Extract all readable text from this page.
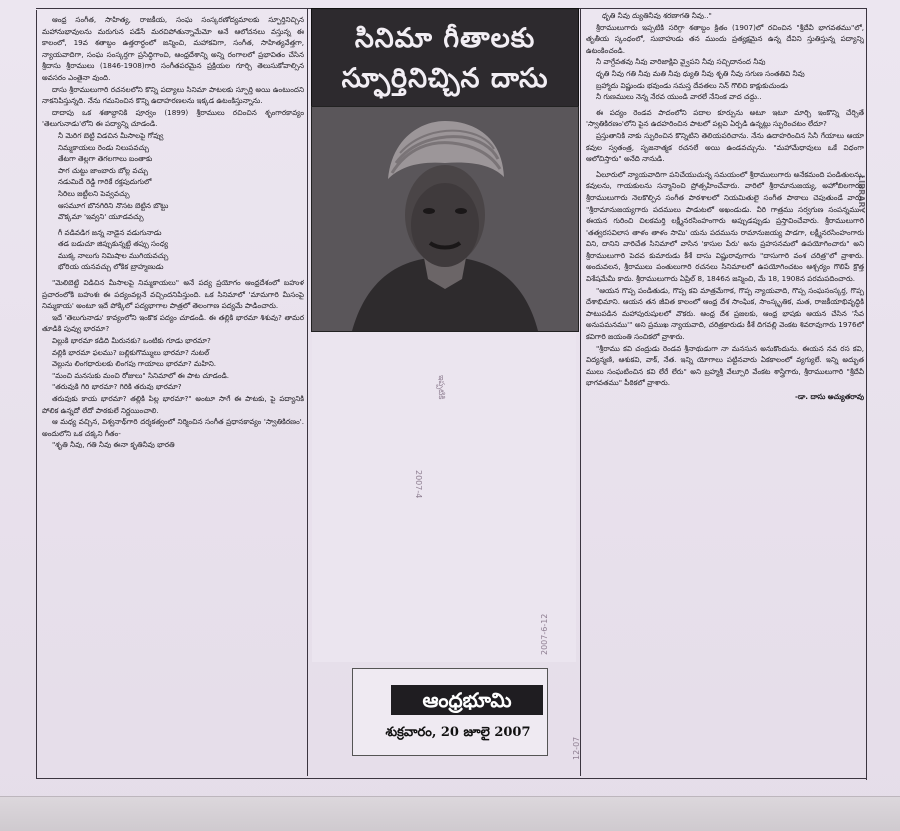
ఆంధ్ర సంగీత, సాహిత్య, రాజకీయ, సంఘ సంస్కరణోద్యమాలకు స్ఫూర్తినిచ్చిన మహానుభావులను మరుగున పడేసే మరచిపోతున్నామేమో అనే ఆలోచనలు వస్తున్న ఈ కాలంలో, 19వ శతాబ్దం ఉత్తరార్థంలో జన్మించి, మహాకవిగా, సంగీత, సాహిత్యవేత్తగా, న్యాయవాదిగా, సంఘ సంస్కర్తగా ప్రసిద్ధిగాంచి, ఆంధ్రదేశాన్ని అన్ని రంగాలలో ప్రభావితం చేసిన శ్రీదాసు శ్రీరాములు (1846-1908)గారి సంగీతపరమైన ప్రక్రియల గూర్చి తెలుసుకోవాల్సిన అవసరం ఎంతైనా వుంది.

దాసు శ్రీరాములుగారి రచనలలోని కొన్ని పద్యాలు సినిమా పాటలకు స్ఫూర్తి అయి ఉంటుందని నాకనిపిస్తున్నది. నేను గమనించిన కొన్ని ఉదాహరణలను ఇక్కడ ఉటంకిస్తున్నాను.

దాదాపు ఒక శతాబ్దానికి పూర్వం (1899) శ్రీరాములు రచించిన శృంగారకావ్యం 'తెలుగునాడు'లోని ఈ పద్యాన్ని చూడండి.

నీ మెరిగ బెట్టి విడచిన మీసాలపై గోవ్వు

నిమ్మకాయలు రెండు నిలుపవచ్చు

తేటగా తెల్లగా తెగలగాలు బంతాకు

పాగ చుట్టు జాంబారు బోల్ల వచ్చు

నడుమిదే రెడ్డి గారికే రక్తపుదుగులో

సిరిలు జట్టీలని పెవ్వవచ్చు

ఆసమూగ బొనగిరిని నొసట బెట్టిన బొట్టు

వొక్కమా 'ఇవ్వని' యూడవచ్చు

గీ వడివడిగ జన్న నాడైన వడుగునాడు

తడ బడుచూ జిప్పుకున్నట్టి తప్పు సంధ్య

ముక్క నాలుగు నిమిషాల ముగియవచ్చు

భోరియ యనవచ్చు లోకిక బ్రాహ్మణుడు

"మెలిబెట్టి విడిచిన మీసాలపై నిమ్మకాయలు" అనే పద్య ప్రయోగం ఆంధ్రదేశంలో బహుళ ప్రచారంలోకి బహుశః ఈ పద్యంవల్లనే వచ్చిందనిపిస్తుంది. ఒక సినిమాలో 'మామగారి మీసంపై నిమ్మకాయ' అంటూ ఇదే పోక్కిలో పద్యభాగాల పాత్రలో తెలంగాణ పద్యమే పాడించారు.

ఇదే 'తెలుగునాడు' కావ్యంలోని ఇంకొక పద్యం చూడండి. ఈ తల్లికి భారమా శిశువు? తామర తూడికి పువ్వు భారమా?

విల్లుకి భారమా కడిది మీరునకు? ఒంటికు గూడు భారమా?

వల్లికి భారమా ఫలము? బల్లికుగొమ్ములు భారమా? నుటల్

వెల్లును లింగధారులకు లింగపు గాయాలు భారమా? మహిని.

"మంచి మనసుకు మంచి రోజులు" సినిమాలో ఈ పాట చూడండి.

"తరువుకి గిరి భారమా? గిరికి తరువు భారమా?

తరువుకు కాయ భారమా? తల్లికి పిల్ల భారమా?" అంటూ సాగే ఈ పాటకు, పై పద్యానికి పోలిక ఉన్నదో లేదో పాఠకులే నిర్ణయించాలి.

ఆ మధ్య వచ్చిన, విశ్వనాథ్‌గారి దర్శకత్వంలో నిర్మించిన సంగీత ప్రధానకావ్యం 'స్వాతికిరణం'. అందులోని ఒక చక్కని గీతం-

"శృతి నీవు, గతి నీవు ఈనా కృతినీవు భారతి

సినిమా గీతాలకు
స్ఫూర్తినిచ్చిన దాసు
ఇప్పటికి
2007-4
2007-6-12
LIBRARY
12-07
ఆంధ్రభూమి
శుక్రవారం, 20 జూలై 2007

ధృతి నీవు ద్యుతినీవు శరణాగతి నీవు.."

శ్రీరాములుగారు ఇప్పటికి సరిగ్గా శతాబ్దం క్రితం (1907)లో రచించిన "శ్రీదేవీ భాగవతము"లో, తృతీయ స్కంధంలో, సుబాహుడు తన ముందు ప్రత్యక్షమైన ఉన్న దేవిని స్తుతిస్తున్న పద్యాన్ని ఉటంకించండి.

నీ వాగ్దేవతవు నీవు వారిజాక్షివి వ్వైపని నీవు సచ్చిదానంద నీవు

ధృతి నీవు గతి నీవు మతి నీవు ధ్యుతి నీవు శృతి నీవు సగుణ సంతతివి నీవు

బ్రహ్మాదు విష్ణుండు భవుండు సమస్త దేవతలు నిన్ గొలిచి కాక్షుకుచుండు

నీ గుణములు నెన్న నేరవ యుండి వారలే నేనింక వాద చద్దు..

ఈ పద్యం రెండవ పాదంలోని పదాల కూర్పును అటూ ఇటూ మార్చి ఇంకొన్ని చేర్చితే 'స్వాతికిరణం'లోని పైన ఉదహరించిన పాటలో పల్లవి ఏర్పడి ఉన్నట్లు స్ఫురించటం లేదూ?

ప్రస్తుతానికి నాకు స్ఫురించిన కొన్నిటిని తెలియపరిచాను. నేను ఉదాహరించిన సినీ గేయాలు ఆయా కవుల స్వతంత్ర, సృజనాత్మక రచనలే అయి ఉండవచ్చును. "మహామేధావులు ఒకే విధంగా ఆలోచిస్తారు" అనేది నానుడి.

ఏలూరులో న్యాయవాదిగా పనిచేయుచున్న సమయంలో శ్రీరాములుగారు అనేకమంది పండితులను, కవులను, గాయకులను సన్మానించి ప్రోత్సహించేవారు. వారిలో శ్రీరామానుజయ్య, అహోబిలగారు, శ్రీరాములుగారు నెలకొల్పిన సంగీత పాఠశాలలో నియమితులై సంగీత పాఠాలు చెపుతుండే వారు. "శ్రీరామానుజయ్యగారు పదములు పాడుటలో అఖండుడు. వీరి గాత్రము సర్వగుణ సంపన్నము.. ఈయన గురించి చిలకమర్తి లక్ష్మీనరసింహంగారు అప్పుడప్పుడు ప్రస్తావించేవారు. శ్రీరాములుగారి 'తత్వరసవిలాస తాళం తాళం సామి' యను పదమును రామానుజయ్య పాడగా, లక్ష్మీనరసింహంగారు విని, దానిని వారిచేత సినిమాలో వాసిన 'కాసుల పేరు' అను ప్రహసనమలో ఉపయోగించారు" అని శ్రీరాములుగారి పెదవ కుమారుడు కీశే దాసు విష్ణురావుగారు "దాసుగారి వంశ చరిత్ర"లో వ్రాశారు. అందువలన, శ్రీరాములు పంతులుగారి రచనలు సినిమాలలో ఉపయోగించటం ఆశ్చర్యం గొలిపే క్రొత్త విశేషమేమీ కాదు. శ్రీరాములుగారు ఏప్రిల్ 8, 1846న జన్మించి, మే 18, 1908న పరమపదించారు.

"ఆయన గొప్ప పండితుడు, గొప్ప కవి మాత్రమేగాక, గొప్ప న్యాయవాది, గొప్ప సంఘసంస్కర్త, గొప్ప దేశాభిమాని. ఆయన తన జీవిత కాలంలో ఆంధ్ర దేశ సాంఘిక, సాంస్కృతిక, మత, రాజకీయాభివృద్ధికి పాటుపడిన మహాపురుషులలో వొకరు. ఆంధ్ర దేశ ప్రజలకు, ఆంధ్ర భాషకు ఆయన చేసిన 'సేవ అనుపమనము'" అని ప్రముఖ న్యాయవాది, చరిత్రకారుడు కీశే దిగవల్లి వెంకట శివరావుగారు 1976లో కవిగారి జయంతి సంచికలో వ్రాశారు.

"శ్రీరాము కవి చంద్రుడు రెండవ శ్రీనాథుడుగా నా మనసున అనుకొందును. ఈయన నవ రస కవి, విద్యన్మణి, ఆశుకవి, వాక్, నేత. ఇన్ని యోగాలు పట్టినవారు ఏకకాలంలో వ్యగ్యులే. ఇన్ని అద్భుత ములు సంఘటించిన కవి లేరే లేరు" అని బ్రహ్మశ్రీ వేల్పూరి వేంకట శాస్త్రిగారు, శ్రీరాములుగారి "శ్రీదేవీ భాగవతము" పీఠికలో వ్రాశారు.

-డా. దాసు అచ్యుతరావు
